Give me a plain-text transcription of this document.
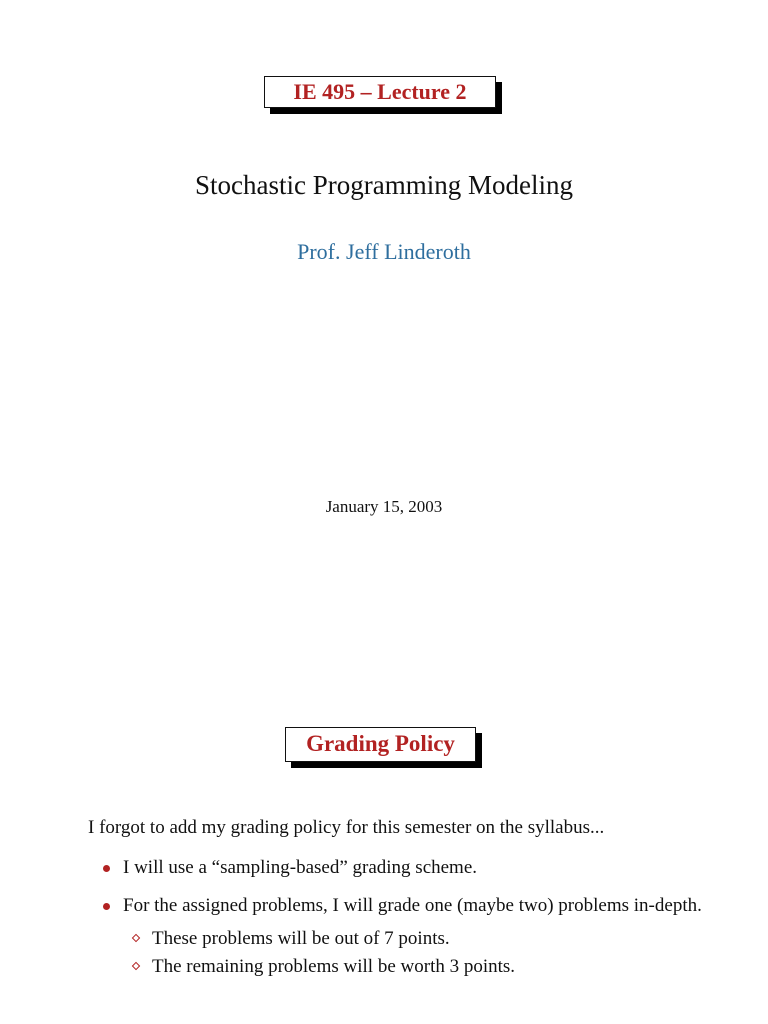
IE 495 – Lecture 2
Stochastic Programming Modeling
Prof. Jeff Linderoth
January 15, 2003
Grading Policy
I forgot to add my grading policy for this semester on the syllabus...
I will use a “sampling-based” grading scheme.
For the assigned problems, I will grade one (maybe two) problems in-depth.
These problems will be out of 7 points.
The remaining problems will be worth 3 points.
